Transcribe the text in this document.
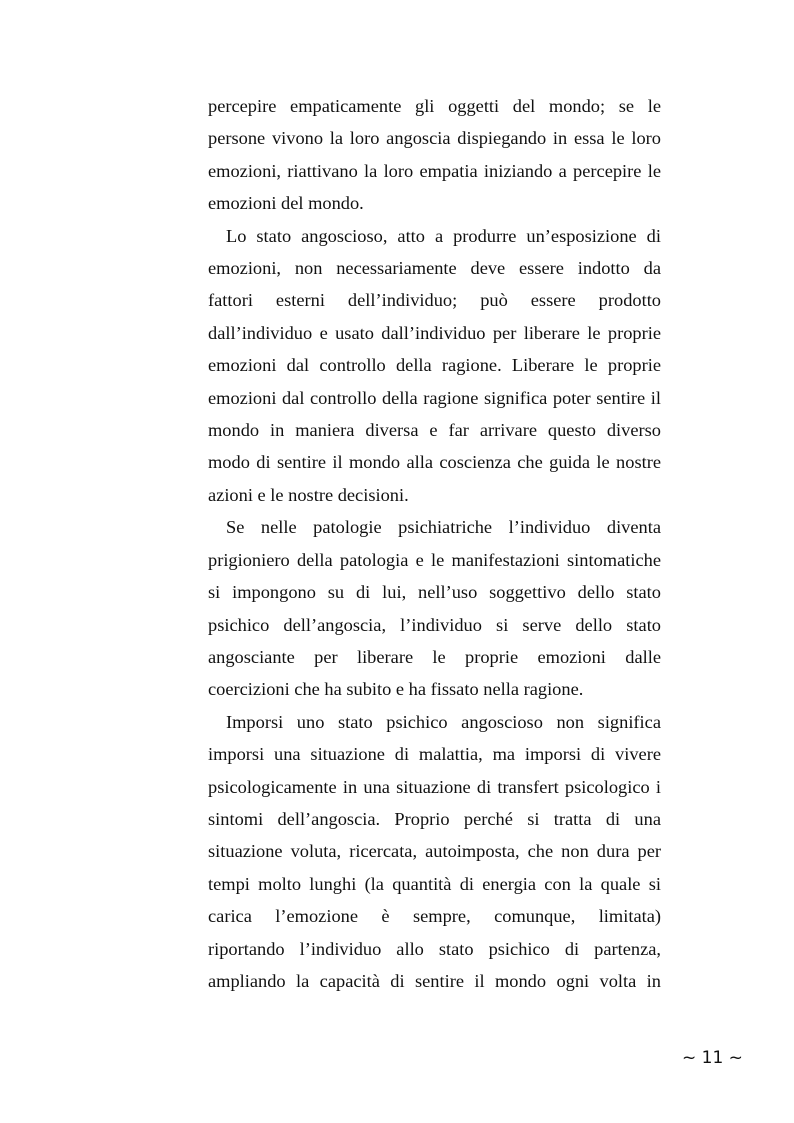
percepire empaticamente gli oggetti del mondo; se le
persone vivono la loro angoscia dispiegando in essa le loro
emozioni, riattivano la loro empatia iniziando a percepire le
emozioni del mondo.
Lo stato angoscioso, atto a produrre un’esposizione di
emozioni, non necessariamente deve essere indotto da
fattori esterni dell’individuo; può essere prodotto
dall’individuo e usato dall’individuo per liberare le proprie
emozioni dal controllo della ragione. Liberare le proprie
emozioni dal controllo della ragione significa poter sentire il
mondo in maniera diversa e far arrivare questo diverso
modo di sentire il mondo alla coscienza che guida le nostre
azioni e le nostre decisioni.
Se nelle patologie psichiatriche l’individuo diventa
prigioniero della patologia e le manifestazioni sintomatiche
si impongono su di lui, nell’uso soggettivo dello stato
psichico dell’angoscia, l’individuo si serve dello stato
angosciante per liberare le proprie emozioni dalle
coercizioni che ha subito e ha fissato nella ragione.
Imporsi uno stato psichico angoscioso non significa
imporsi una situazione di malattia, ma imporsi di vivere
psicologicamente in una situazione di transfert psicologico i
sintomi dell’angoscia. Proprio perché si tratta di una
situazione voluta, ricercata, autoimposta, che non dura per
tempi molto lunghi (la quantità di energia con la quale si
carica l’emozione è sempre, comunque, limitata)
riportando l’individuo allo stato psichico di partenza,
ampliando la capacità di sentire il mondo ogni volta in
~ 11 ~
